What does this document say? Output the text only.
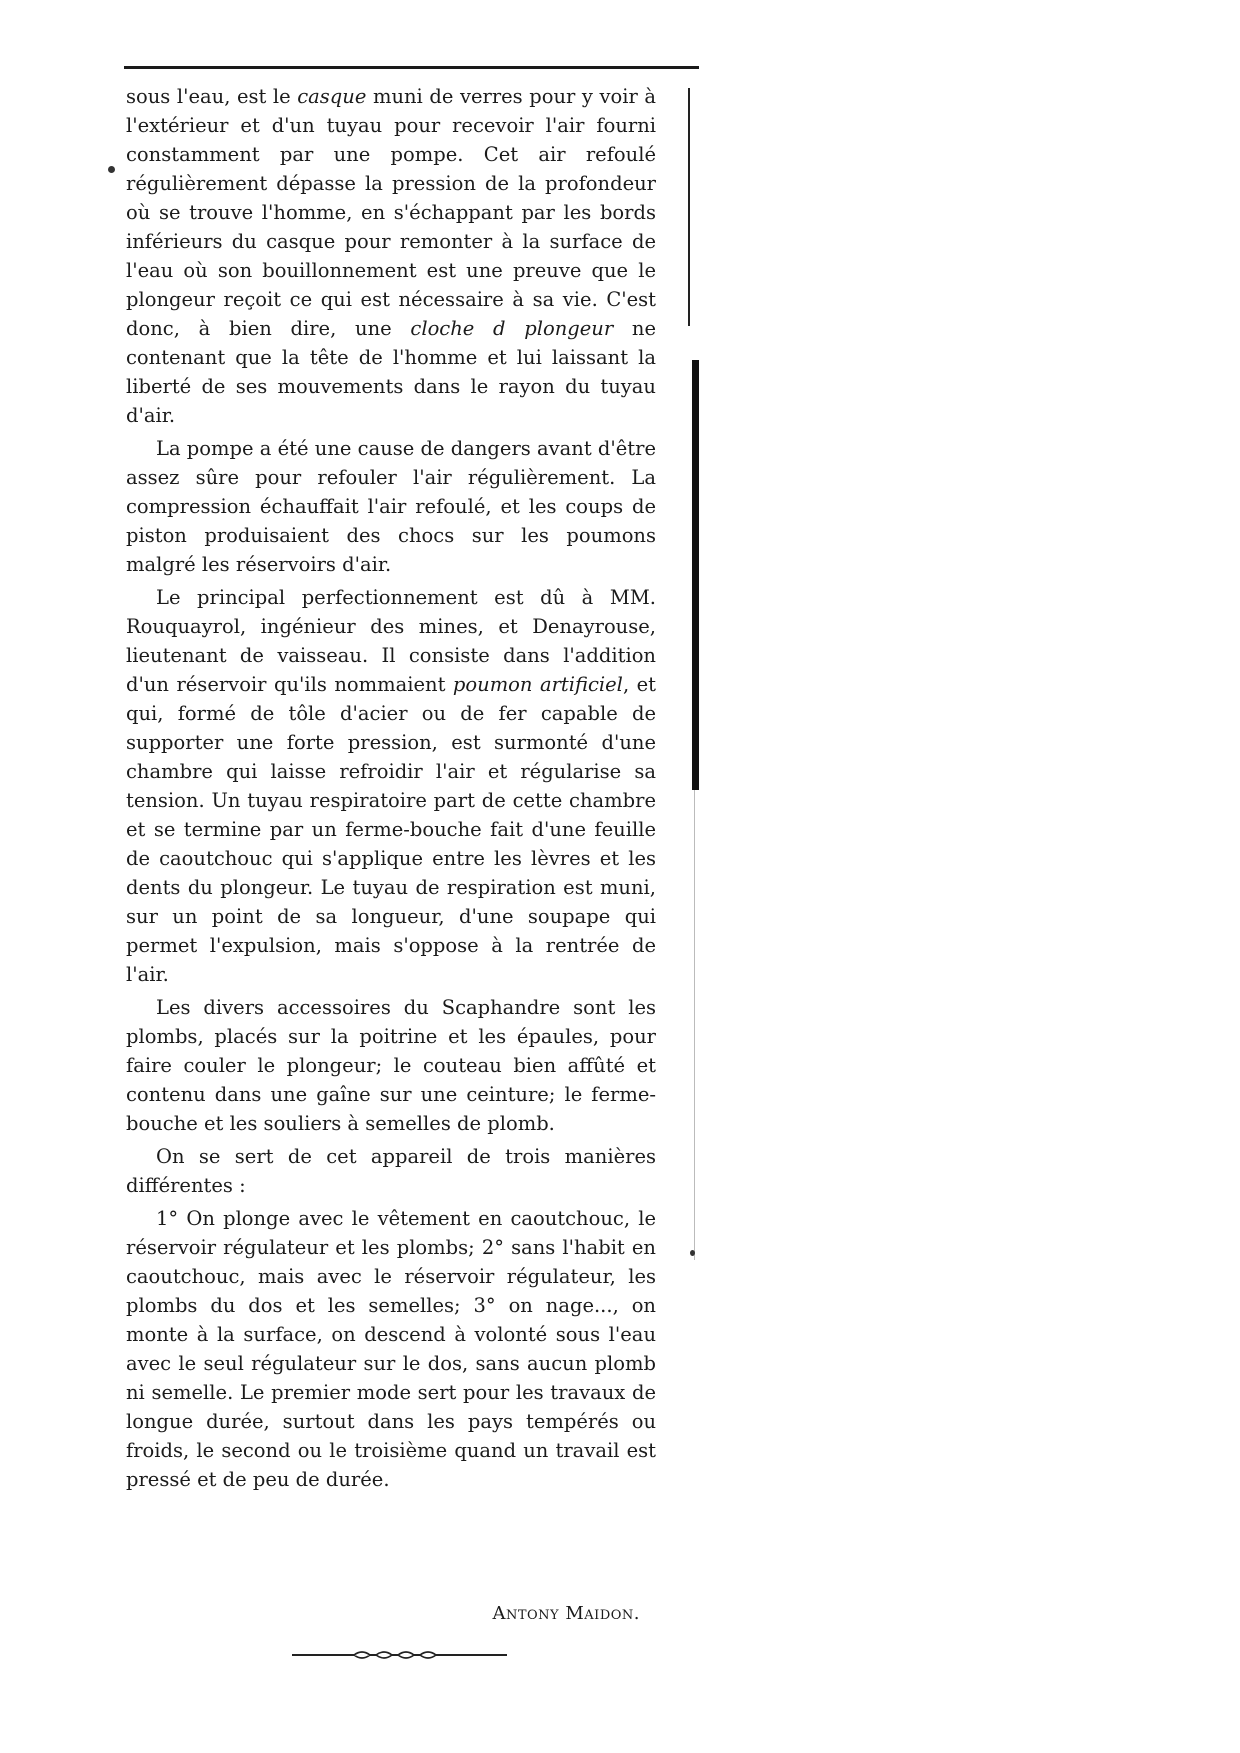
sous l'eau, est le casque muni de verres pour y voir à l'extérieur et d'un tuyau pour recevoir l'air fourni constamment par une pompe. Cet air refoulé régulièrement dépasse la pression de la profondeur où se trouve l'homme, en s'échappant par les bords inférieurs du casque pour remonter à la surface de l'eau où son bouillonnement est une preuve que le plongeur reçoit ce qui est nécessaire à sa vie. C'est donc, à bien dire, une cloche d plongeur ne contenant que la tête de l'homme et lui laissant la liberté de ses mouvements dans le rayon du tuyau d'air.

La pompe a été une cause de dangers avant d'être assez sûre pour refouler l'air régulièrement. La compression échauffait l'air refoulé, et les coups de piston produisaient des chocs sur les poumons malgré les réservoirs d'air.

Le principal perfectionnement est dû à MM. Rouquayrol, ingénieur des mines, et Denayrouse, lieutenant de vaisseau. Il consiste dans l'addition d'un réservoir qu'ils nommaient poumon artificiel, et qui, formé de tôle d'acier ou de fer capable de supporter une forte pression, est surmonté d'une chambre qui laisse refroidir l'air et régularise sa tension. Un tuyau respiratoire part de cette chambre et se termine par un ferme-bouche fait d'une feuille de caoutchouc qui s'applique entre les lèvres et les dents du plongeur. Le tuyau de respiration est muni, sur un point de sa longueur, d'une soupape qui permet l'expulsion, mais s'oppose à la rentrée de l'air.

Les divers accessoires du Scaphandre sont les plombs, placés sur la poitrine et les épaules, pour faire couler le plongeur; le couteau bien affûté et contenu dans une gaîne sur une ceinture; le ferme-bouche et les souliers à semelles de plomb.

On se sert de cet appareil de trois manières différentes :

1° On plonge avec le vêtement en caoutchouc, le réservoir régulateur et les plombs; 2° sans l'habit en caoutchouc, mais avec le réservoir régulateur, les plombs du dos et les semelles; 3° on nage..., on monte à la surface, on descend à volonté sous l'eau avec le seul régulateur sur le dos, sans aucun plomb ni semelle. Le premier mode sert pour les travaux de longue durée, surtout dans les pays tempérés ou froids, le second ou le troisième quand un travail est pressé et de peu de durée.

Antony Maidon.
